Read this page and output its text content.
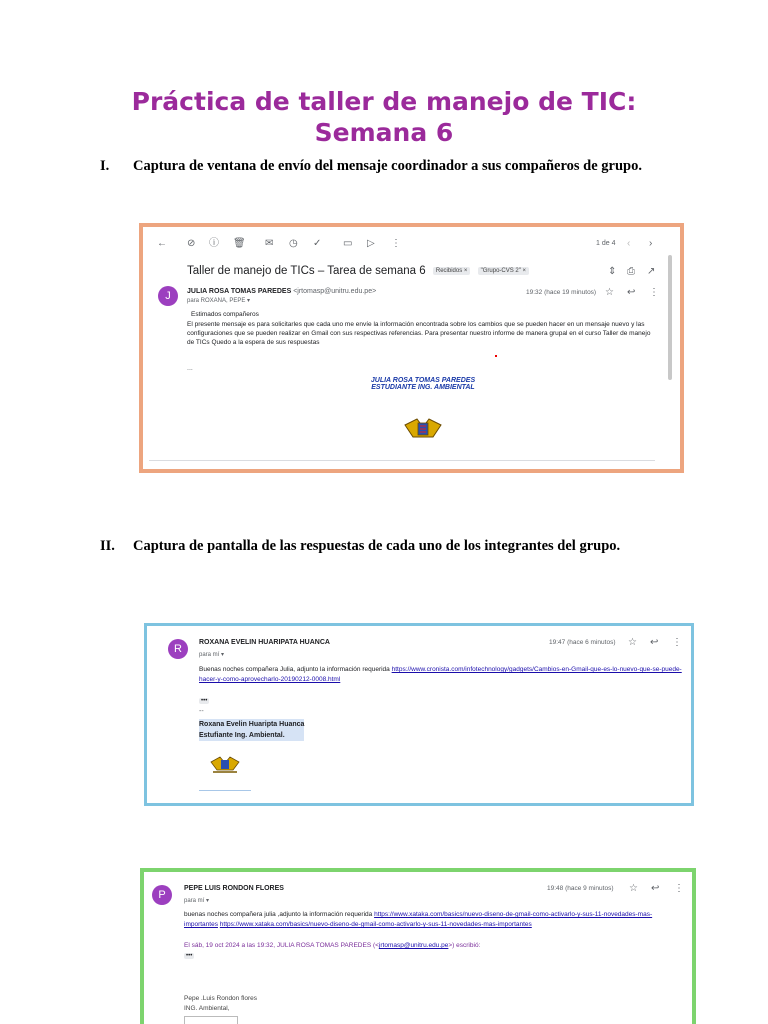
Práctica de taller de manejo de TIC:
Semana 6
I. Captura de ventana de envío del mensaje coordinador a sus compañeros de grupo.
← ⊘ ⓘ 🗑 ✉ ◷ ✓ ▭ ▷ ⋮	1 de 4 ‹ ›
Taller de manejo de TICs – Tarea de semana 6 Recibidos × "Grupo-CVS 2" ×	⇕ ⎙ ↗
J	JULIA ROSA TOMAS PAREDES <jrtomasp@unitru.edu.pe>
para ROXANA, PEPE ▾
19:32 (hace 19 minutos) ☆ ↩ ⋮
Estimados compañeros
El presente mensaje es para solicitarles que cada uno me envíe la información encontrada sobre los cambios que se pueden hacer en un mensaje nuevo y las configuraciones que se pueden realizar en Gmail con sus respectivas referencias. Para presentar nuestro informe de manera grupal en el curso Taller de manejo de TICs Quedo a la espera de sus respuestas
...
JULIA ROSA TOMAS PAREDES
ESTUDIANTE ING. AMBIENTAL
II. Captura de pantalla de las respuestas de cada uno de los integrantes del grupo.
R
ROXANA EVELIN HUARIPATA HUANCA
para mí ▾
19:47 (hace 6 minutos) ☆ ↩ ⋮
Buenas noches compañera Julia, adjunto la información requerida https://www.cronista.com/infotechnology/gadgets/Cambios-en-Gmail-que-es-lo-nuevo-que-se-puede-hacer-y-como-aprovecharlo-20190212-0008.html
•••
--
Roxana Evelin Huaripta Huanca
Estufiante Ing. Ambiental.
P
PEPE LUIS RONDON FLORES
para mí ▾
19:48 (hace 9 minutos) ☆ ↩ ⋮
buenas noches compañera julia ,adjunto la información requerida https://www.xataka.com/basics/nuevo-diseno-de-gmail-como-activarlo-y-sus-11-novedades-mas-importantes https://www.xataka.com/basics/nuevo-diseno-de-gmail-como-activarlo-y-sus-11-novedades-mas-importantes
El sáb, 19 oct 2024 a las 19:32, JULIA ROSA TOMAS PAREDES (<jrtomasp@unitru.edu.pe>) escribió:
•••
Pepe .Luis Rondon flores
ING. Ambiental,
